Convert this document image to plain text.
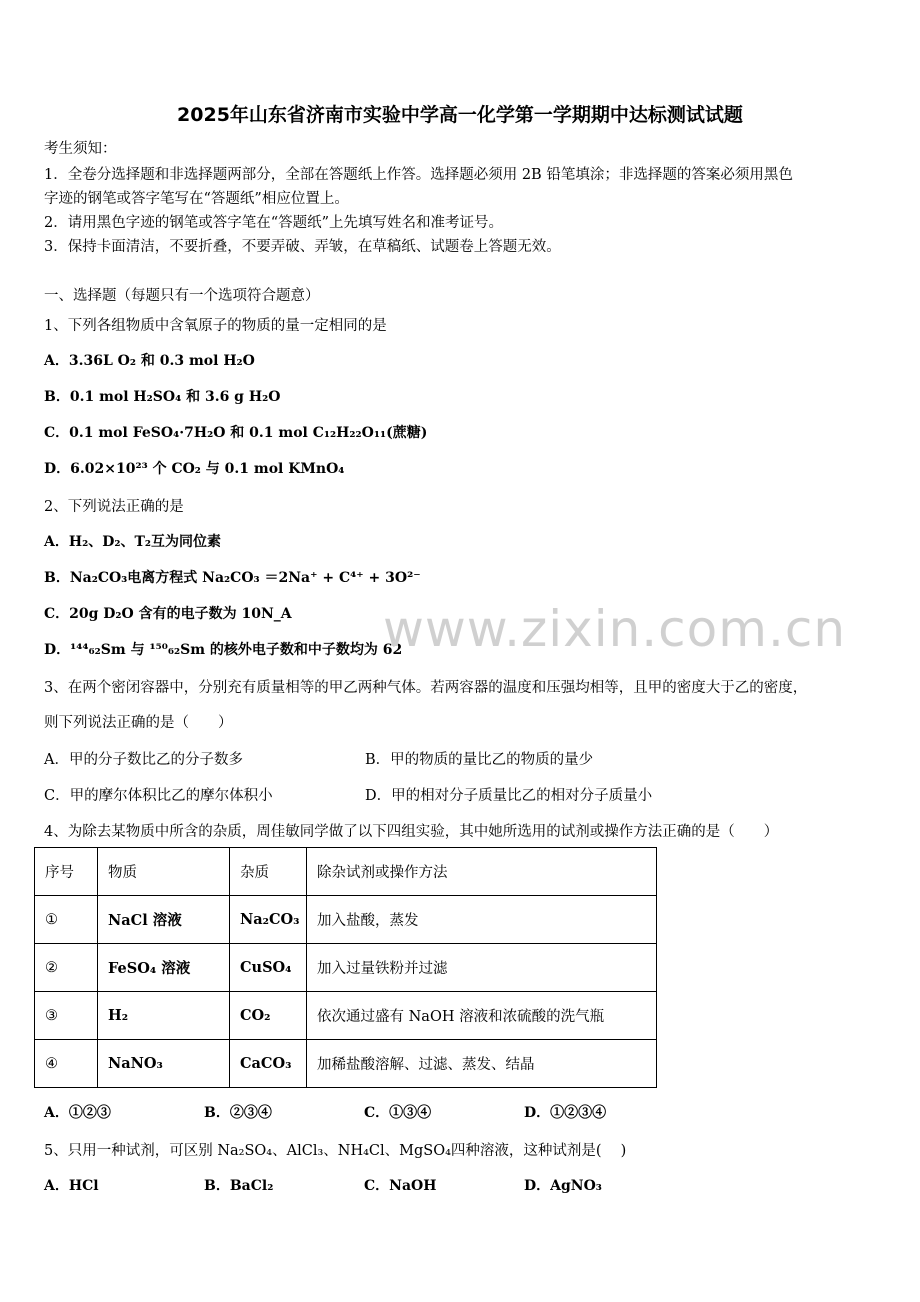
2025年山东省济南市实验中学高一化学第一学期期中达标测试试题
考生须知：
1．全卷分选择题和非选择题两部分，全部在答题纸上作答。选择题必须用 2B 铅笔填涂；非选择题的答案必须用黑色
字迹的钢笔或答字笔写在“答题纸”相应位置上。
2．请用黑色字迹的钢笔或答字笔在“答题纸”上先填写姓名和准考证号。
3．保持卡面清洁，不要折叠，不要弄破、弄皱，在草稿纸、试题卷上答题无效。
一、选择题（每题只有一个选项符合题意）
1、下列各组物质中含氧原子的物质的量一定相同的是
A．3.36L O₂ 和 0.3 mol H₂O
B．0.1 mol H₂SO₄ 和 3.6 g H₂O
C．0.1 mol FeSO₄·7H₂O 和 0.1 mol C₁₂H₂₂O₁₁(蔗糖)
D．6.02×10²³ 个 CO₂ 与 0.1 mol KMnO₄
2、下列说法正确的是
A．H₂、D₂、T₂互为同位素
B．Na₂CO₃电离方程式 Na₂CO₃ ＝2Na⁺ + C⁴⁺ + 3O²⁻
C．20g D₂O 含有的电子数为 10N_A
D．¹⁴⁴₆₂Sm 与 ¹⁵⁰₆₂Sm 的核外电子数和中子数均为 62
www.zixin.com.cn
3、在两个密闭容器中，分别充有质量相等的甲乙两种气体。若两容器的温度和压强均相等，且甲的密度大于乙的密度，
则下列说法正确的是（　　）
A．甲的分子数比乙的分子数多	B．甲的物质的量比乙的物质的量少
C．甲的摩尔体积比乙的摩尔体积小	D．甲的相对分子质量比乙的相对分子质量小
4、为除去某物质中所含的杂质，周佳敏同学做了以下四组实验，其中她所选用的试剂或操作方法正确的是（　　）
序号	物质	杂质	除杂试剂或操作方法
①	NaCl 溶液	Na₂CO₃	加入盐酸，蒸发
②	FeSO₄ 溶液	CuSO₄	加入过量铁粉并过滤
③	H₂	CO₂	依次通过盛有 NaOH 溶液和浓硫酸的洗气瓶
④	NaNO₃	CaCO₃	加稀盐酸溶解、过滤、蒸发、结晶
A．①②③	B．②③④	C．①③④	D．①②③④
5、只用一种试剂，可区别 Na₂SO₄、AlCl₃、NH₄Cl、MgSO₄四种溶液，这种试剂是(　 )
A．HCl	B．BaCl₂	C．NaOH	D．AgNO₃
